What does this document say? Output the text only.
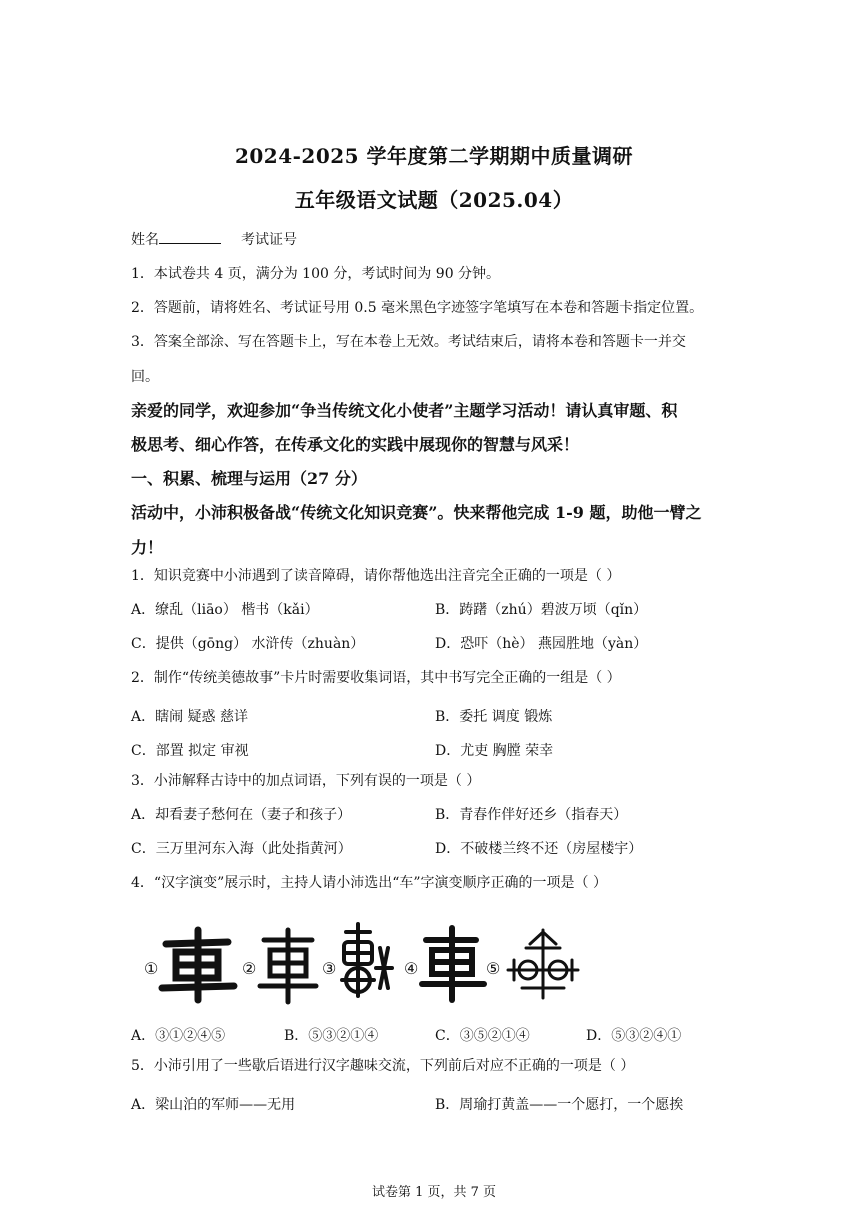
2024-2025 学年度第二学期期中质量调研
五年级语文试题（2025.04）
姓名	考试证号
1．本试卷共 4 页，满分为 100 分，考试时间为 90 分钟。
2．答题前，请将姓名、考试证号用 0.5 毫米黑色字迹签字笔填写在本卷和答题卡指定位置。
3．答案全部涂、写在答题卡上，写在本卷上无效。考试结束后，请将本卷和答题卡一并交
回。
亲爱的同学，欢迎参加“争当传统文化小使者”主题学习活动！请认真审题、积
极思考、细心作答，在传承文化的实践中展现你的智慧与风采！
一、积累、梳理与运用（27 分）
活动中，小沛积极备战“传统文化知识竞赛”。快来帮他完成 1-9 题，助他一臂之
力！
1．知识竞赛中小沛遇到了读音障碍，请你帮他选出注音完全正确的一项是（ ）
A．缭乱（liāo） 楷书（kǎi）	B．踌躇（zhú）碧波万顷（qǐn）
C．提供（gōng） 水浒传（zhuàn）	D．恐吓（hè） 燕园胜地（yàn）
2．制作“传统美德故事”卡片时需要收集词语，其中书写完全正确的一组是（ ）
A．瞎闹 疑惑 慈详	B．委托 调度 锻炼
C．部置 拟定 审视	D．尤吏 胸膛 荣幸
3．小沛解释古诗中的加点词语，下列有误的一项是（ ）
A．却看妻子愁何在（妻子和孩子）	B．青春作伴好还乡（指春天）
C．三万里河东入海（此处指黄河）	D．不破楼兰终不还（房屋楼宇）
4．“汉字演变”展示时，主持人请小沛选出“车”字演变顺序正确的一项是（ ）
①	②	③	④	⑤
A．③①②④⑤	B．⑤③②①④	C．③⑤②①④	D．⑤③②④①
5．小沛引用了一些歇后语进行汉字趣味交流，下列前后对应不正确的一项是（ ）
A．梁山泊的军师——无用	B．周瑜打黄盖——一个愿打，一个愿挨
试卷第 1 页，共 7 页
